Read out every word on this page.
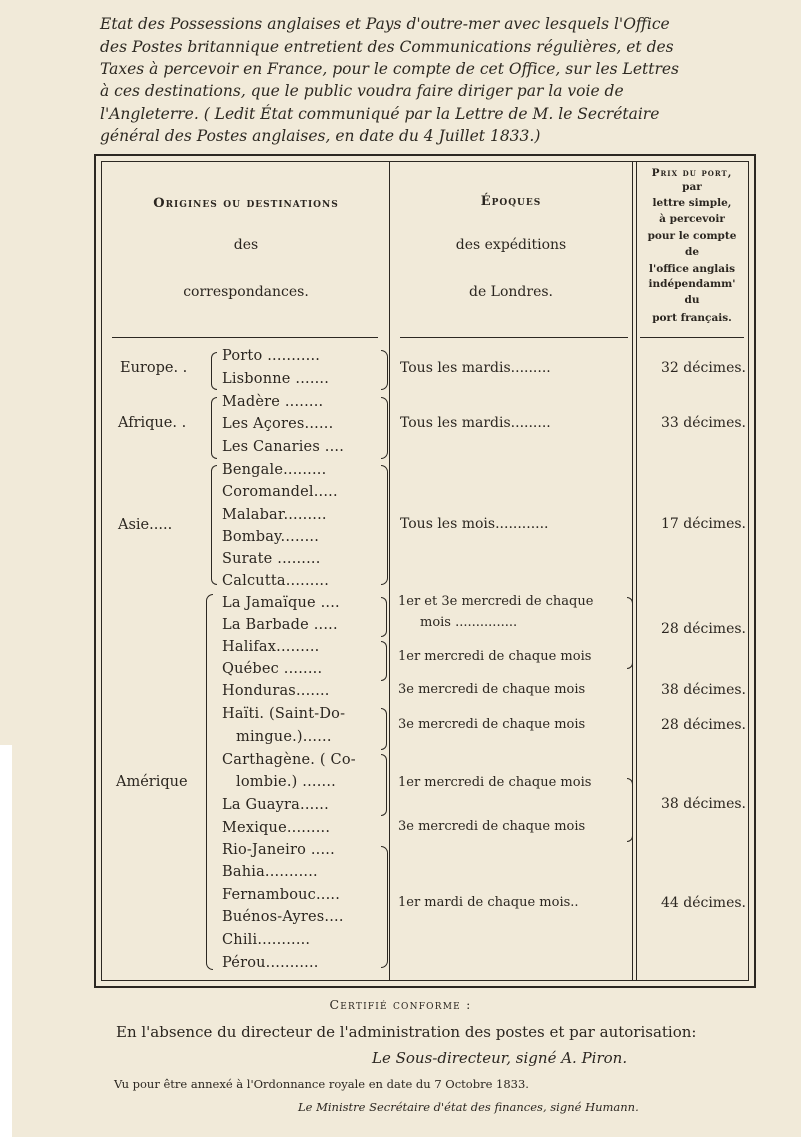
Etat des Possessions anglaises et Pays d'outre-mer avec lesquels l'Office
des Postes britannique entretient des Communications régulières, et des
Taxes à percevoir en France, pour le compte de cet Office, sur les Lettres
à ces destinations, que le public voudra faire diriger par la voie de
l'Angleterre. ( Ledit État communiqué par la Lettre de M. le Secrétaire
général des Postes anglaises, en date du 4 Juillet 1833.)
Origines ou destinations
des
correspondances.
Époques
des expéditions
de Londres.
Prix du port,
par
lettre simple,
à percevoir
pour le compte
de
l'office anglais
indépendamm'
du
port français.
Europe. .
Afrique. .
Asie.....
Amérique
Porto ...........
Lisbonne .......
Madère ........
Les Açores......
Les Canaries ....
Bengale.........
Coromandel.....
Malabar.........
Bombay........
Surate .........
Calcutta.........
La Jamaïque ....
La Barbade .....
Halifax.........
Québec ........
Honduras.......
Haïti. (Saint-Do-
mingue.)......
Carthagène. ( Co-
lombie.) .......
La Guayra......
Mexique.........
Rio-Janeiro .....
Bahia...........
Fernambouc.....
Buénos-Ayres....
Chili...........
Pérou...........
Tous les mardis.........
Tous les mardis.........
Tous les mois............
1er et 3e mercredi de chaque
mois ...............
1er mercredi de chaque mois
3e mercredi de chaque mois
3e mercredi de chaque mois
1er mercredi de chaque mois
3e mercredi de chaque mois
1er mardi de chaque mois..
32 décimes.
33 décimes.
17 décimes.
28 décimes.
38 décimes.
28 décimes.
38 décimes.
44 décimes.
Certifié conforme :
En l'absence du directeur de l'administration des postes et par autorisation:
Le Sous-directeur, signé A. Piron.
Vu pour être annexé à l'Ordonnance royale en date du 7 Octobre 1833.
Le Ministre Secrétaire d'état des finances, signé Humann.
